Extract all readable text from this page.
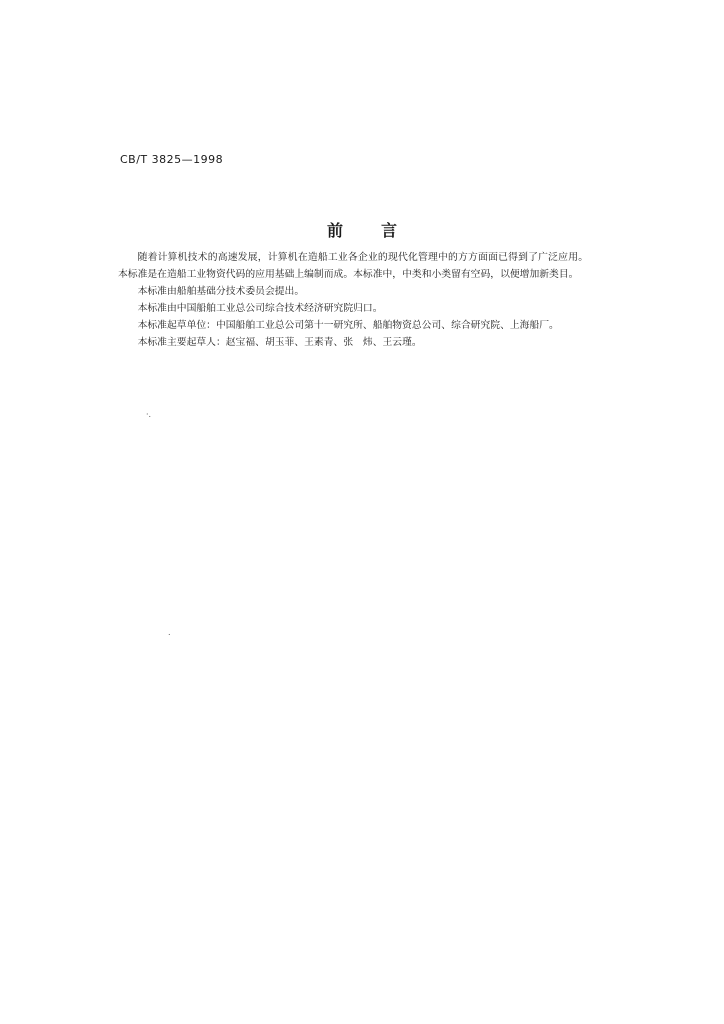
CB/T 3825—1998
前 言

随着计算机技术的高速发展，计算机在造船工业各企业的现代化管理中的方方面面已得到了广泛应用。本标准是在造船工业物资代码的应用基础上编制而成。本标准中，中类和小类留有空码，以便增加新类目。

本标准由船舶基础分技术委员会提出。

本标准由中国船舶工业总公司综合技术经济研究院归口。

本标准起草单位：中国船舶工业总公司第十一研究所、船舶物资总公司、综合研究院、上海船厂。

本标准主要起草人：赵宝福、胡玉菲、王素青、张　炜、王云瑾。

·.
.
